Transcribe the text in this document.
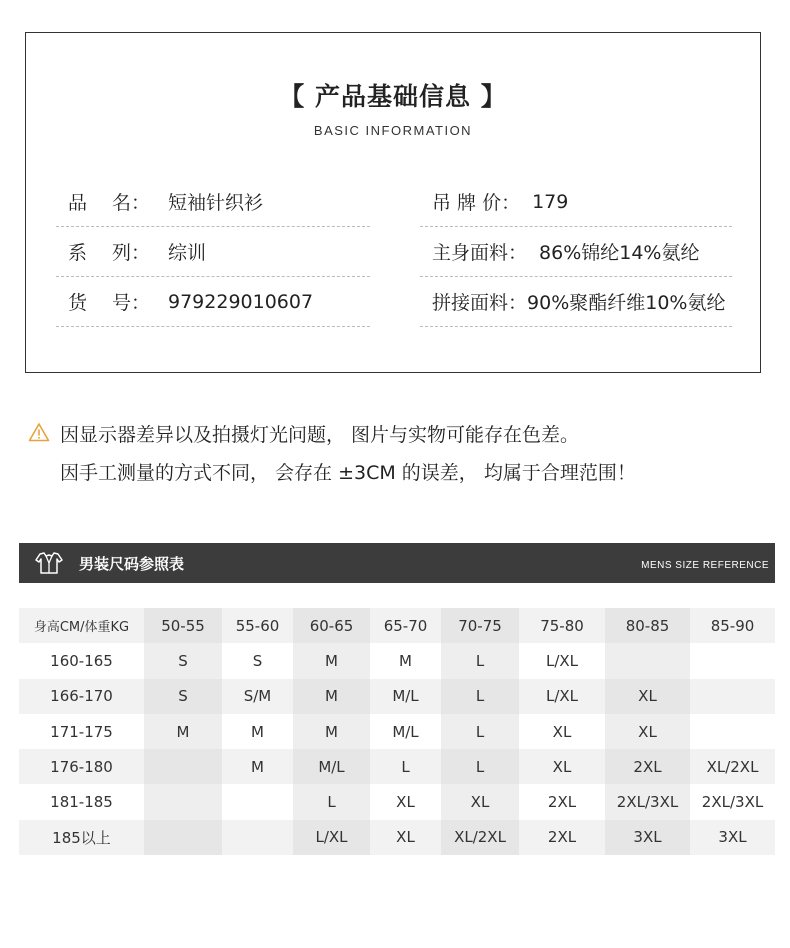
【 产品基础信息 】
BASIC INFORMATION
品　 名： 短袖针织衫
系　 列： 综训
货　 号： 979229010607
吊 牌 价： 179
主身面料： 86%锦纶14%氨纶
拼接面料： 90%聚酯纤维10%氨纶
因显示器差异以及拍摄灯光问题， 图片与实物可能存在色差。
因手工测量的方式不同， 会存在 ±3CM 的误差， 均属于合理范围！
男装尺码参照表	MENS SIZE REFERENCE
身高CM/体重KG	50-55	55-60	60-65	65-70	70-75	75-80	80-85	85-90
160-165	S	S	M	M	L	L/XL		
166-170	S	S/M	M	M/L	L	L/XL	XL	
171-175	M	M	M	M/L	L	XL	XL	
176-180		M	M/L	L	L	XL	2XL	XL/2XL
181-185			L	XL	XL	2XL	2XL/3XL	2XL/3XL
185以上			L/XL	XL	XL/2XL	2XL	3XL	3XL
